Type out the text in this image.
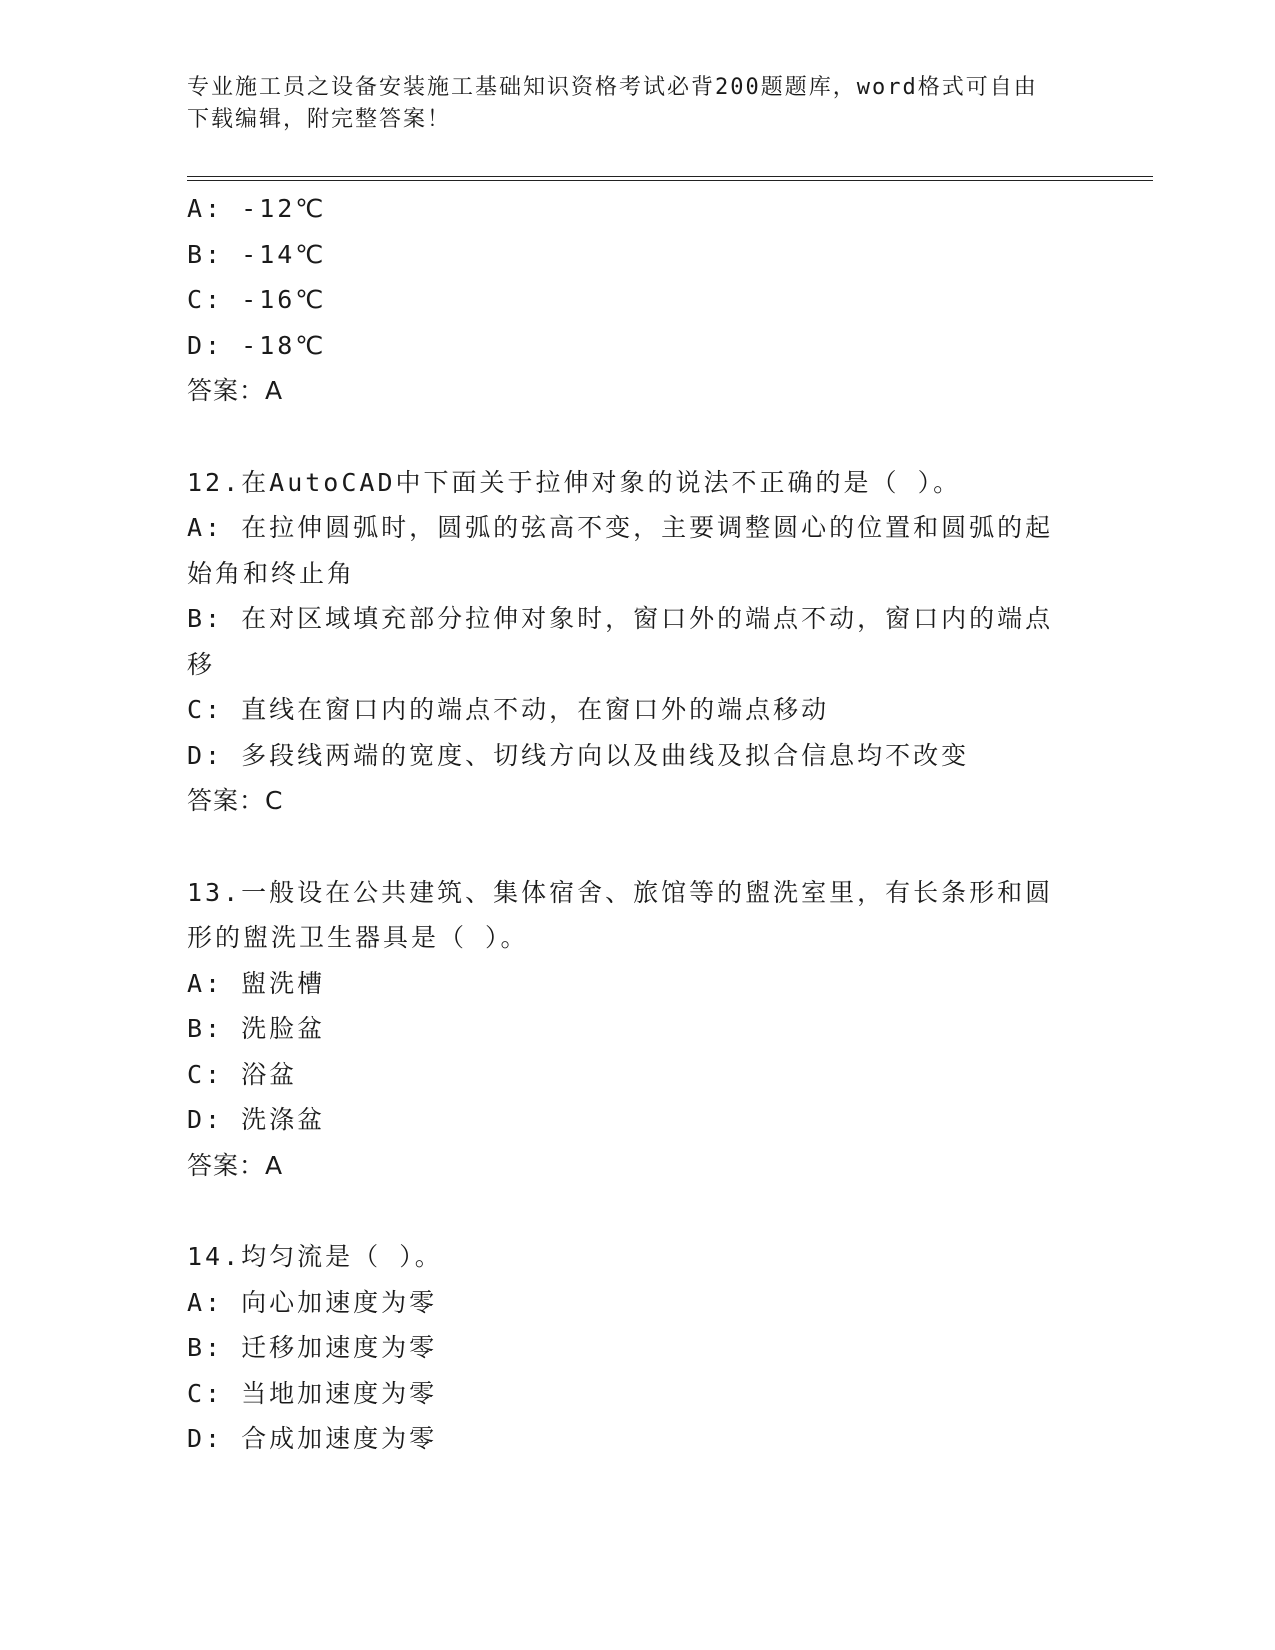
专业施工员之设备安装施工基础知识资格考试必背200题题库，word格式可自由
下载编辑，附完整答案！

A: -12℃

B: -14℃

C: -16℃

D: -18℃

答案：A

12.在AutoCAD中下面关于拉伸对象的说法不正确的是（ ）。

A: 在拉伸圆弧时，圆弧的弦高不变，主要调整圆心的位置和圆弧的起

始角和终止角

B: 在对区域填充部分拉伸对象时，窗口外的端点不动，窗口内的端点

移

C: 直线在窗口内的端点不动，在窗口外的端点移动

D: 多段线两端的宽度、切线方向以及曲线及拟合信息均不改变

答案：C

13.一般设在公共建筑、集体宿舍、旅馆等的盥洗室里，有长条形和圆

形的盥洗卫生器具是（ ）。

A: 盥洗槽

B: 洗脸盆

C: 浴盆

D: 洗涤盆

答案：A

14.均匀流是（ ）。

A: 向心加速度为零

B: 迁移加速度为零

C: 当地加速度为零

D: 合成加速度为零
